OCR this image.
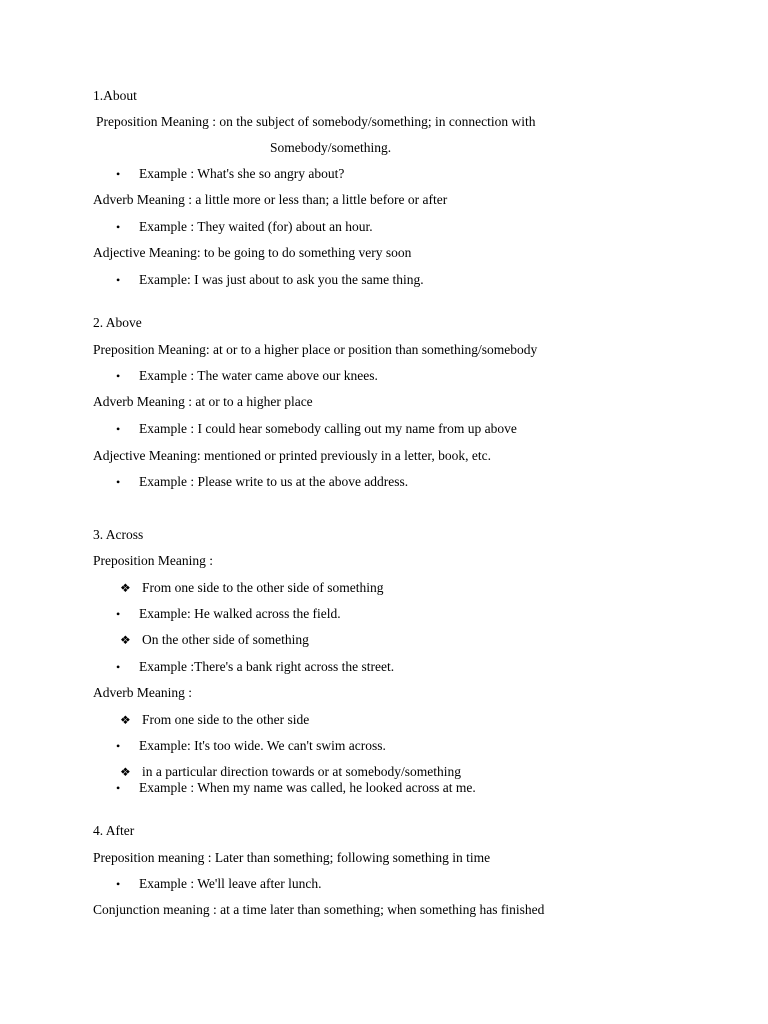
1.About
Preposition Meaning : on the subject of somebody/something; in connection with
Somebody/something.
•	Example : What's she so angry about?
Adverb Meaning : a little more or less than; a little before or after
•	Example : They waited (for) about an hour.
Adjective Meaning: to be going to do something very soon
•	Example: I was just about to ask you the same thing.
2. Above
Preposition Meaning: at or to a higher place or position than something/somebody
•	Example : The water came above our knees.
Adverb Meaning : at or to a higher place
•	Example : I could hear somebody calling out my name from up above
Adjective Meaning: mentioned or printed previously in a letter, book, etc.
•	Example : Please write to us at the above address.
3. Across
Preposition Meaning :
❖ From one side to the other side of something
•	Example: He walked across the field.
❖ On the other side of something
•	Example :There's a bank right across the street.
Adverb Meaning :
❖ From one side to the other side
•	Example: It's too wide. We can't swim across.
❖ in a particular direction towards or at somebody/something
•	Example : When my name was called, he looked across at me.
4. After
Preposition meaning : Later than something; following something in time
•	Example : We'll leave after lunch.
Conjunction meaning : at a time later than something; when something has finished
